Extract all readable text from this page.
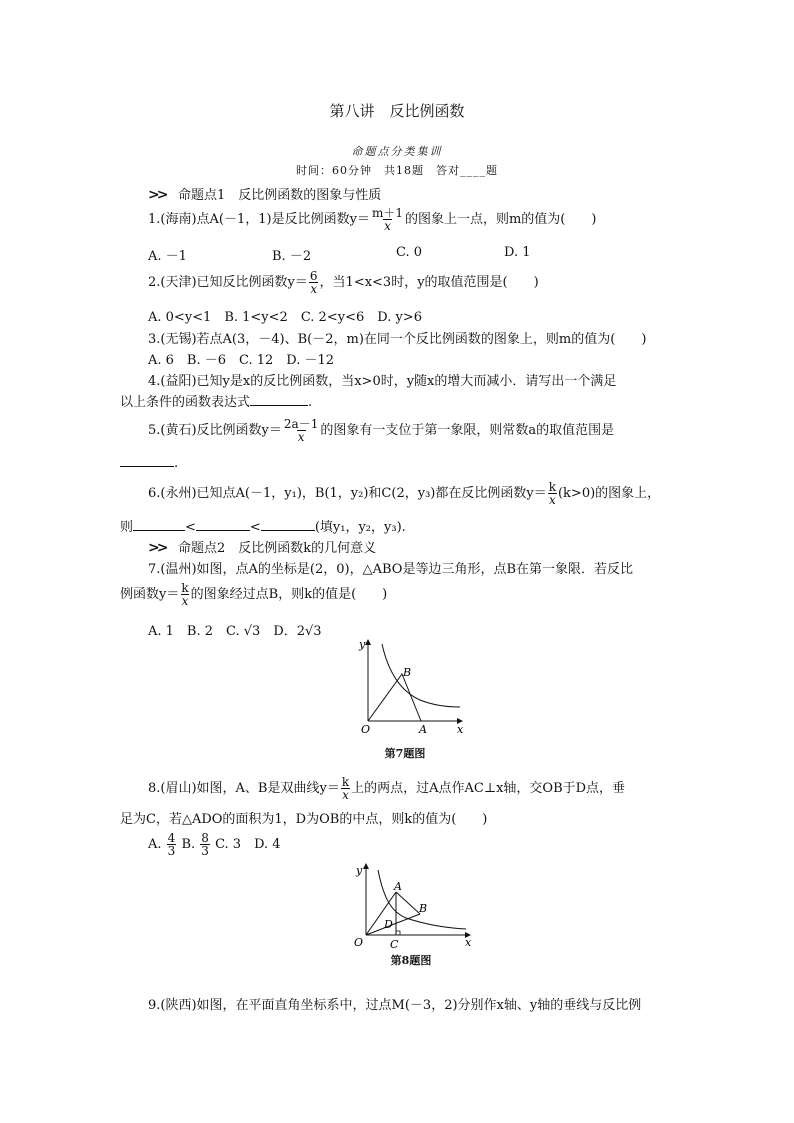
第八讲　反比例函数
命题点分类集训
时间：60分钟　共18题　答对____题
>> 命题点1　反比例函数的图象与性质
1.(海南)点A(－1，1)是反比例函数$y= \frac{m+1}{x}$ 的图象上一点，则m的值为(　　)
A. －1	B. －2	C. 0	D. 1
2.(天津)已知反比例函数$y= \frac{6}{x}$ ，当1<x<3时，y的取值范围是(　　)
A. 0<y<1　B. 1<y<2　C. 2<y<6　D. y>6
3.(无锡)若点A(3，－4)、B(－2，m)在同一个反比例函数的图象上，则m的值为(　　)
A. 6　B. －6　C. 12　D. －12
4.(益阳)已知y是x的反比例函数，当x>0时，y随x的增大而减小．请写出一个满足
以上条件的函数表达式	.
5.(黄石)反比例函数$y= \frac{2a-1}{x}$ 的图象有一支位于第一象限，则常数a的取值范围是
.
6.(永州)已知点A(－1，y₁)，B(1，y₂)和C(2，y₃)都在反比例函数$y= \frac{k}{x} (k>0)$的图象上，
则	<	<	(填y₁，y₂，y₃).
>> 命题点2　反比例函数k的几何意义
7.(温州)如图，点A的坐标是(2，0)，△ABO是等边三角形，点B在第一象限．若反比
例函数$y= \frac{k}{x}$ 的图象经过点B，则k的值是(　　)
A. 1　B. 2　C. √3　D．2√3
y
x
O	A
B
第7题图
8.(眉山)如图，A、B是双曲线$y= \frac{k}{x}$ 上的两点，过A点作AC⊥x轴，交OB于D点，垂
足为C，若△ADO的面积为1，D为OB的中点，则k的值为(　　)
A. $\frac{4}{3} B$. $\frac{8}{3} C$. 3　D. 4
y
x
O
A
B
C
D
第8题图
9.(陕西)如图，在平面直角坐标系中，过点M(－3，2)分别作x轴、y轴的垂线与反比例
